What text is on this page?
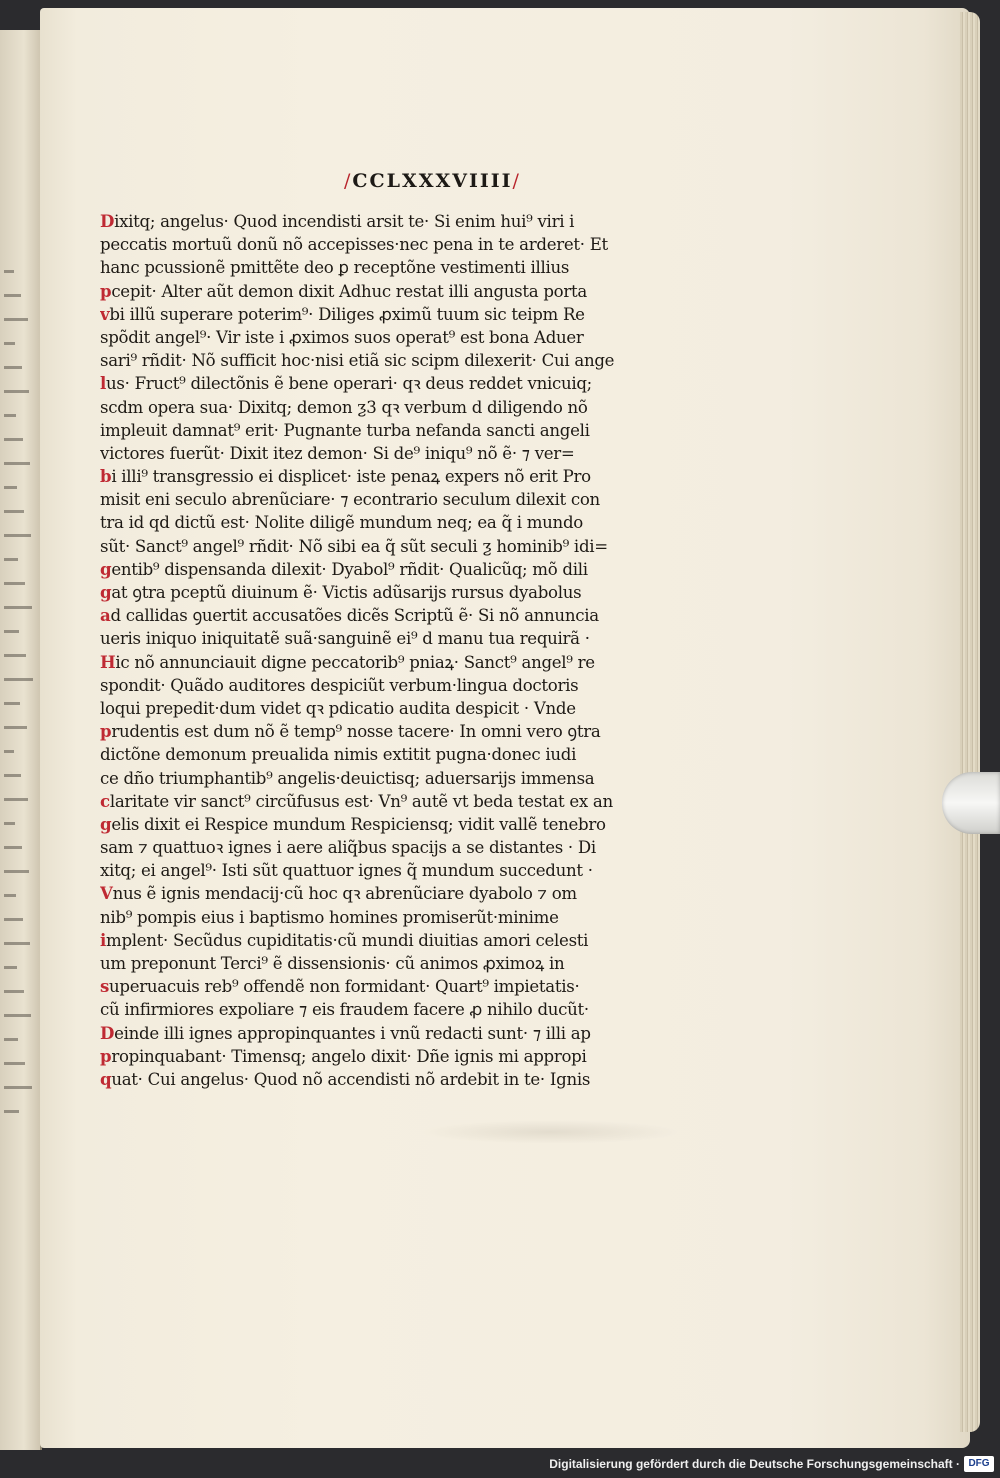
/CCLXXXVIIII/
Dixitq; angelus· Quod incendisti arsit te· Si enim hui⁹ viri i
peccatis mortuũ donũ nõ accepisses·nec pena in te arderet· Et
hanc pcussionẽ pmittẽte deo ꝑ receptõne vestimenti illius
pcepit· Alter aũt demon dixit Adhuc restat illi angusta porta
vbi illũ superare poterim⁹· Diliges ꝓximũ tuum sic teipm Re
spõdit angel⁹· Vir iste i ꝓximos suos operat⁹ est bona Aduer
sari⁹ rñdit· Nõ sufficit hoc·nisi etiã sic scipm dilexerit· Cui ange
lus· Fruct⁹ dilectõnis ẽ bene operari· qꝛ deus reddet vnicuiq;
scdm opera sua· Dixitq; demon ƺ3 qꝛ verbum d diligendo nõ
impleuit damnat⁹ erit· Pugnante turba nefanda sancti angeli
victores fuerũt· Dixit itez demon· Si de⁹ iniqu⁹ nõ ẽ· ⁊ ver=
bi illi⁹ transgressio ei displicet· iste penaꝝ expers nõ erit Pro
misit eni seculo abrenũciare· ⁊ econtrario seculum dilexit con
tra id qd dictũ est· Nolite diligẽ mundum neq; ea q̃ i mundo
sũt· Sanct⁹ angel⁹ rñdit· Nõ sibi ea q̃ sũt seculi ƺ hominib⁹ idi=
gentib⁹ dispensanda dilexit· Dyabol⁹ rñdit· Qualicũq; mõ dili
gat ꝯtra pceptũ diuinum ẽ· Victis adũsarijs rursus dyabolus
ad callidas ꝯuertit accusatões dicẽs Scriptũ ẽ· Si nõ annuncia
ueris iniquo iniquitatẽ suã·sanguinẽ ei⁹ d manu tua requirã ·
Hic nõ annunciauit digne peccatorib⁹ pniaꝝ· Sanct⁹ angel⁹ re
spondit· Quãdo auditores despiciũt verbum·lingua doctoris
loqui prepedit·dum videt qꝛ pdicatio audita despicit · Vnde
prudentis est dum nõ ẽ temp⁹ nosse tacere· In omni vero ꝯtra
dictõne demonum preualida nimis extitit pugna·donec iudi
ce dño triumphantib⁹ angelis·deuictisq; aduersarijs immensa
claritate vir sanct⁹ circũfusus est· Vn⁹ autẽ vt beda testat ex an
gelis dixit ei Respice mundum Respiciensq; vidit vallẽ tenebro
sam ⁊ quattuoꝛ ignes i aere aliq̃bus spacijs a se distantes · Di
xitq; ei angel⁹· Isti sũt quattuor ignes q̃ mundum succedunt ·
Vnus ẽ ignis mendacij·cũ hoc qꝛ abrenũciare dyabolo ⁊ om
nib⁹ pompis eius i baptismo homines promiserũt·minime
implent· Secũdus cupiditatis·cũ mundi diuitias amori celesti
um preponunt Terci⁹ ẽ dissensionis· cũ animos ꝓximoꝝ in
superuacuis reb⁹ offendẽ non formidant· Quart⁹ impietatis·
cũ infirmiores expoliare ⁊ eis fraudem facere ꝓ nihilo ducũt·
Deinde illi ignes appropinquantes i vnũ redacti sunt· ⁊ illi ap
propinquabant· Timensq; angelo dixit· Dñe ignis mi appropi
quat· Cui angelus· Quod nõ accendisti nõ ardebit in te· Ignis
Digitalisierung gefördert durch die Deutsche Forschungsgemeinschaft · DFG
